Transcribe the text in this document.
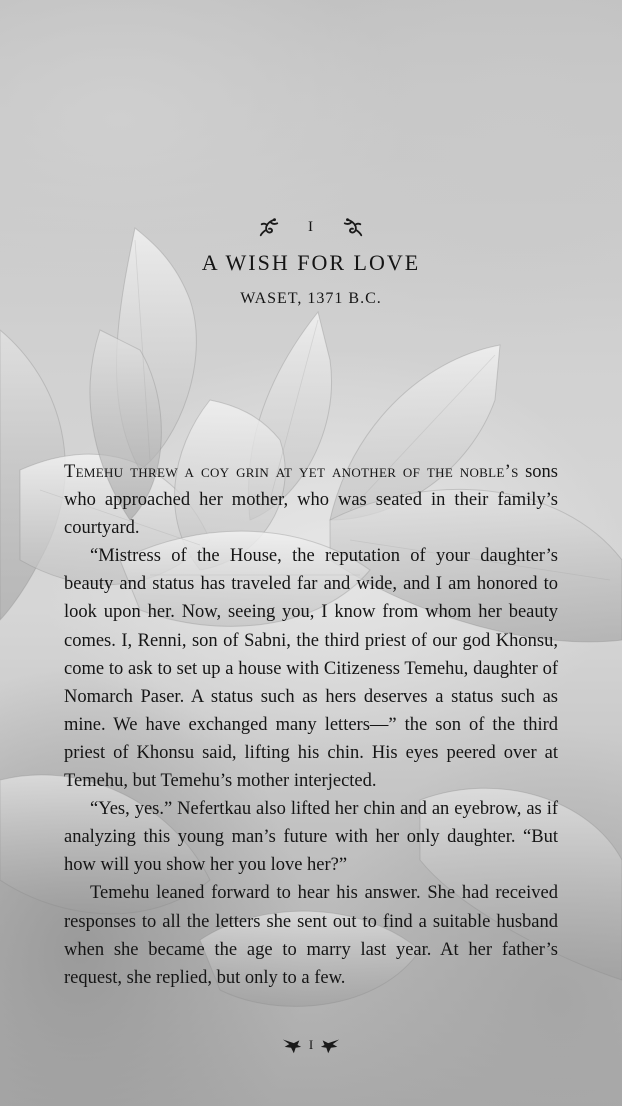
I
A WISH FOR LOVE
WASET, 1371 B.C.

Temehu threw a coy grin at yet another of the noble’s sons who approached her mother, who was seated in their family’s courtyard.

“Mistress of the House, the reputation of your daughter’s beauty and status has traveled far and wide, and I am honored to look upon her. Now, seeing you, I know from whom her beauty comes. I, Renni, son of Sabni, the third priest of our god Khonsu, come to ask to set up a house with Citizeness Temehu, daughter of Nomarch Paser. A status such as hers deserves a status such as mine. We have exchanged many letters—” the son of the third priest of Khonsu said, lifting his chin. His eyes peered over at Temehu, but Temehu’s mother interjected.

“Yes, yes.” Nefertkau also lifted her chin and an eyebrow, as if analyzing this young man’s future with her only daughter. “But how will you show her you love her?”

Temehu leaned forward to hear his answer. She had received responses to all the letters she sent out to find a suitable husband when she became the age to marry last year. At her father’s request, she replied, but only to a few.

I
